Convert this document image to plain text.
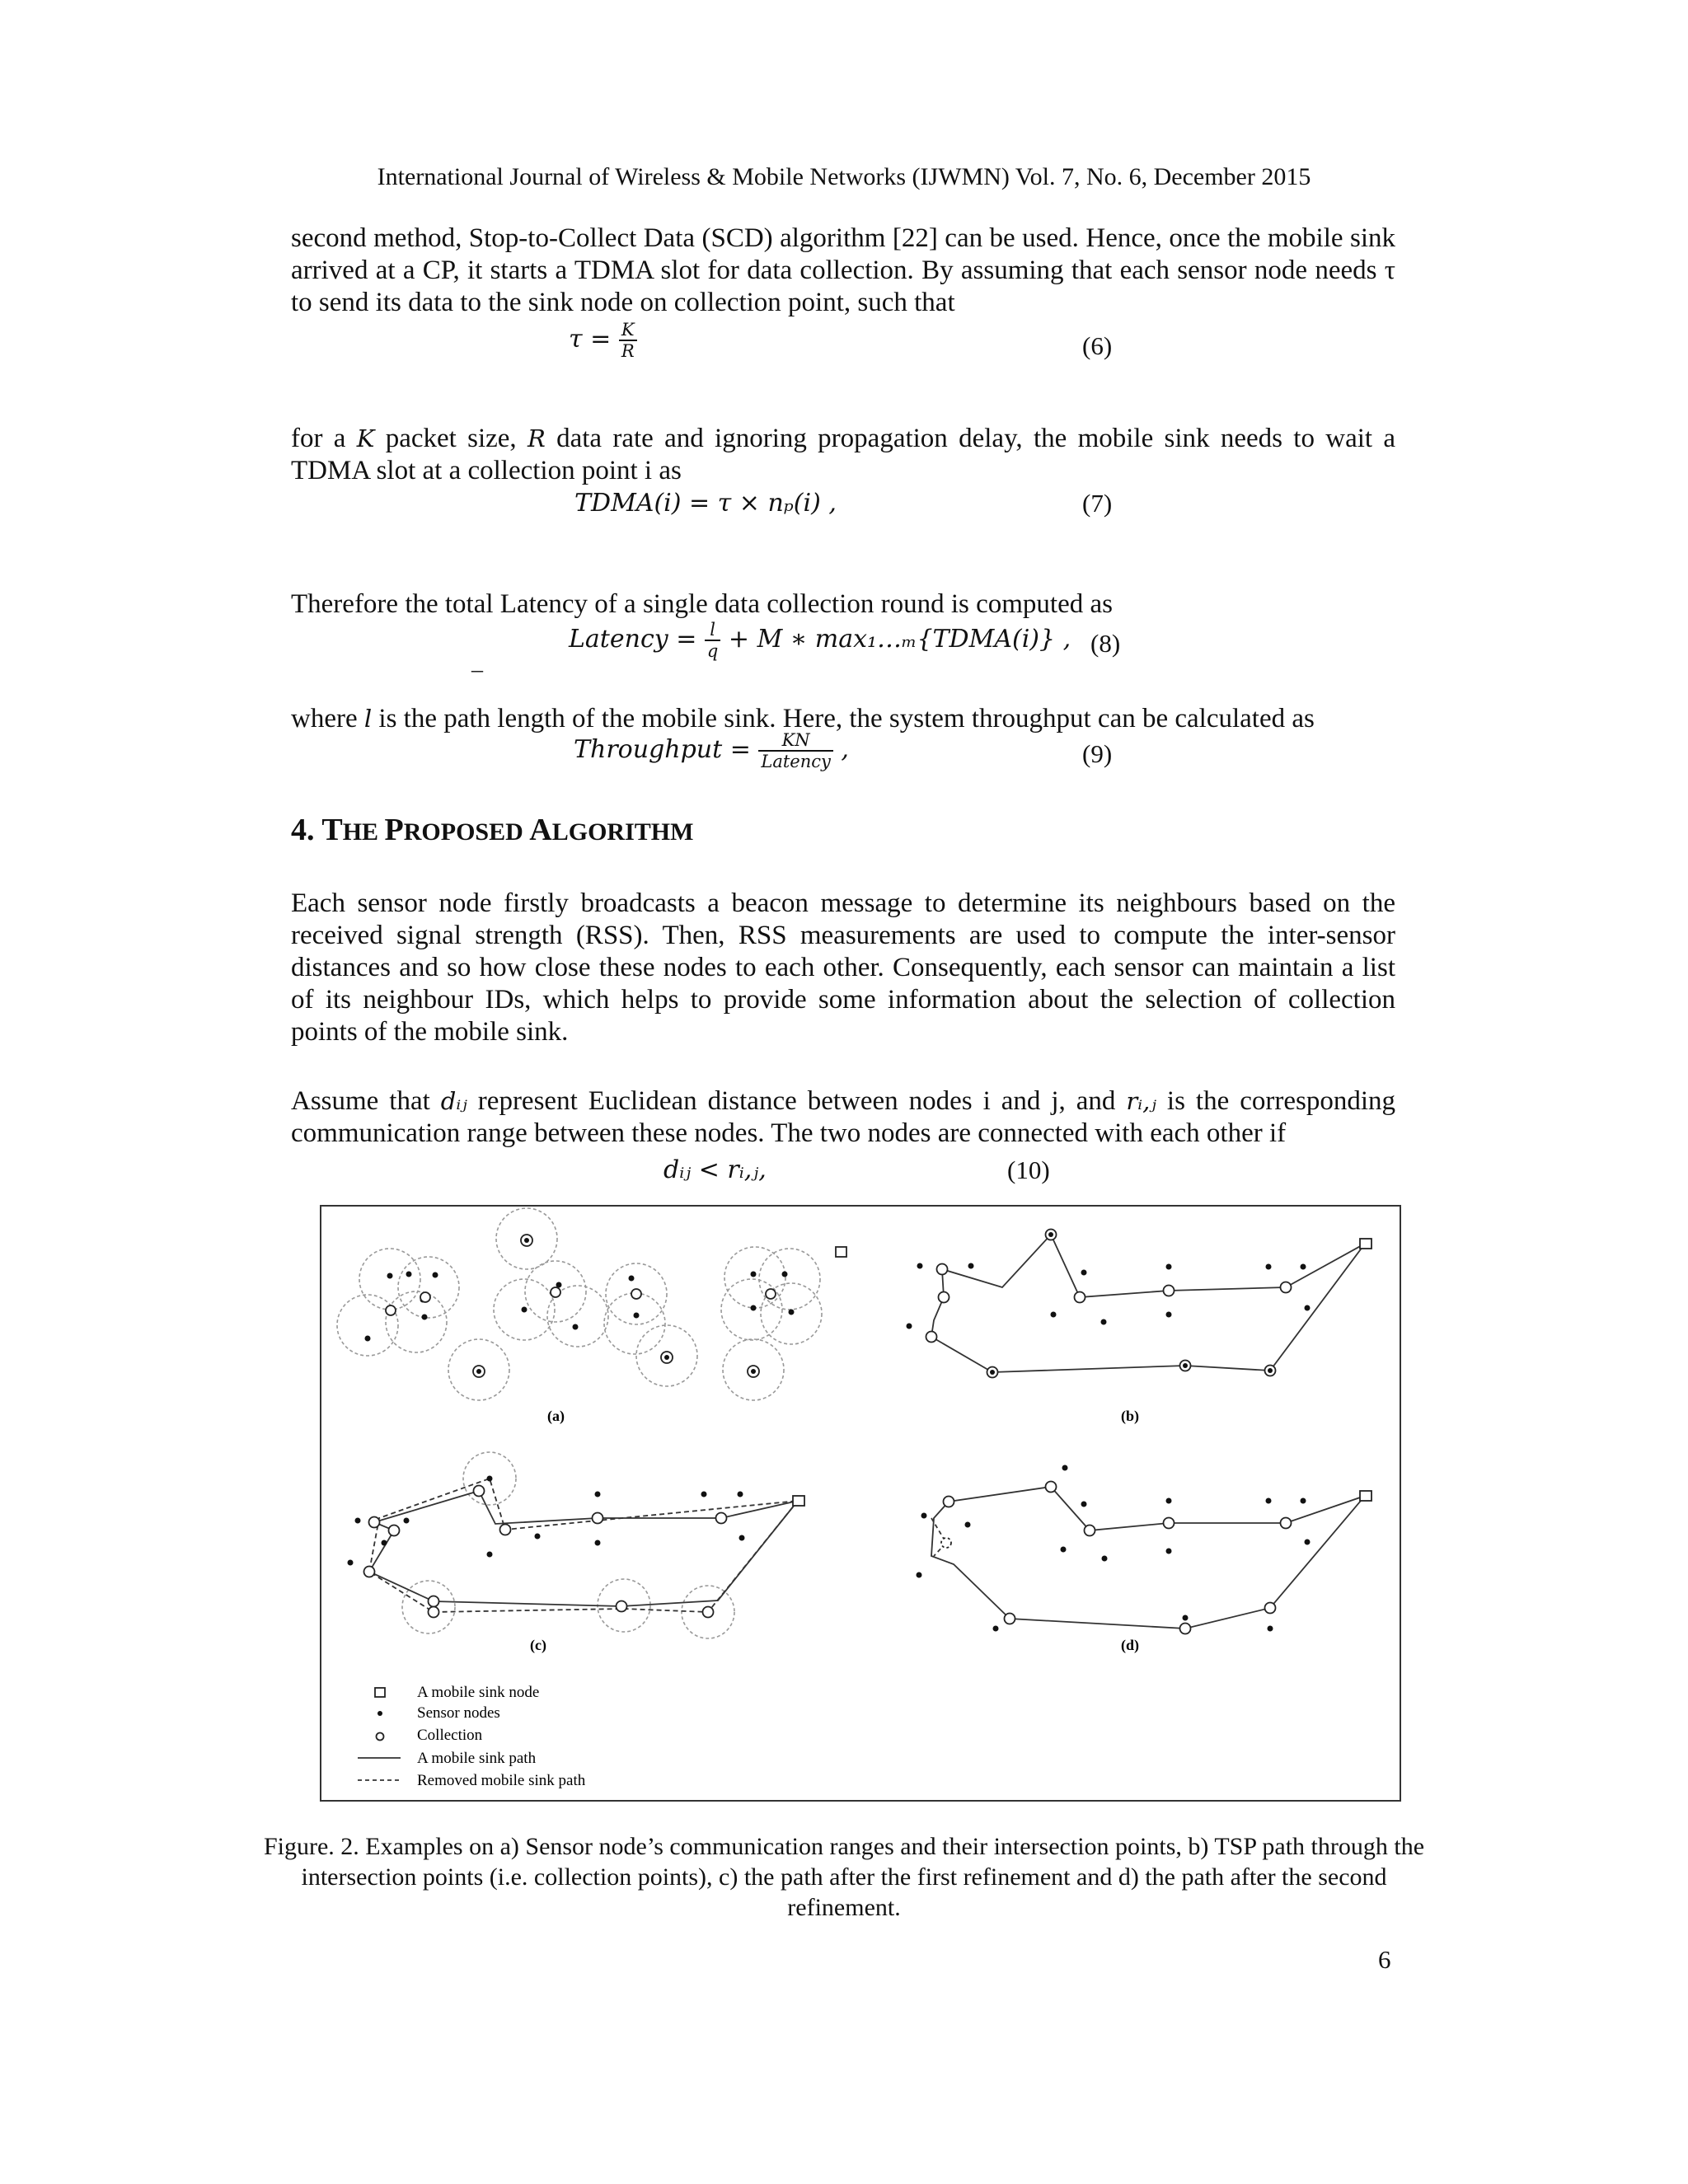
International Journal of Wireless & Mobile Networks (IJWMN) Vol. 7, No. 6, December 2015
second method, Stop-to-Collect Data (SCD) algorithm [22] can be used. Hence, once the mobile sink arrived at a CP, it starts a TDMA slot for data collection. By assuming that each sensor node needs τ to send its data to the sink node on collection point, such that
$\tau = \frac{K}{R}$	(6)
for a K packet size, R data rate and ignoring propagation delay, the mobile sink needs to wait a TDMA slot at a collection point i as
TDMA(i) = τ × nₚ(i) ,	(7)
Therefore the total Latency of a single data collection round is computed as
Latency = $\frac{l}{q} + M$ ∗ max₁…ₘ{TDMA(i)} , (8)
_
where l is the path length of the mobile sink. Here, the system throughput can be calculated as
Throughput = $\frac{KN}{\text{Latency}}$ ,	(9)
4. THE PROPOSED ALGORITHM
Each sensor node firstly broadcasts a beacon message to determine its neighbours based on the received signal strength (RSS). Then, RSS measurements are used to compute the inter-sensor distances and so how close these nodes to each other. Consequently, each sensor can maintain a list of its neighbour IDs, which helps to provide some information about the selection of collection points of the mobile sink.
Assume that dᵢⱼ represent Euclidean distance between nodes i and j, and rᵢ,ⱼ is the corresponding communication range between these nodes. The two nodes are connected with each other if
dᵢⱼ < rᵢ,ⱼ,	(10)
(a)	(b)
(c)	(d)
A mobile sink node
Sensor nodes
Collection
A mobile sink path
Removed mobile sink path
Figure. 2. Examples on a) Sensor node’s communication ranges and their intersection points, b) TSP path through the intersection points (i.e. collection points), c) the path after the first refinement and d) the path after the second refinement.
6
